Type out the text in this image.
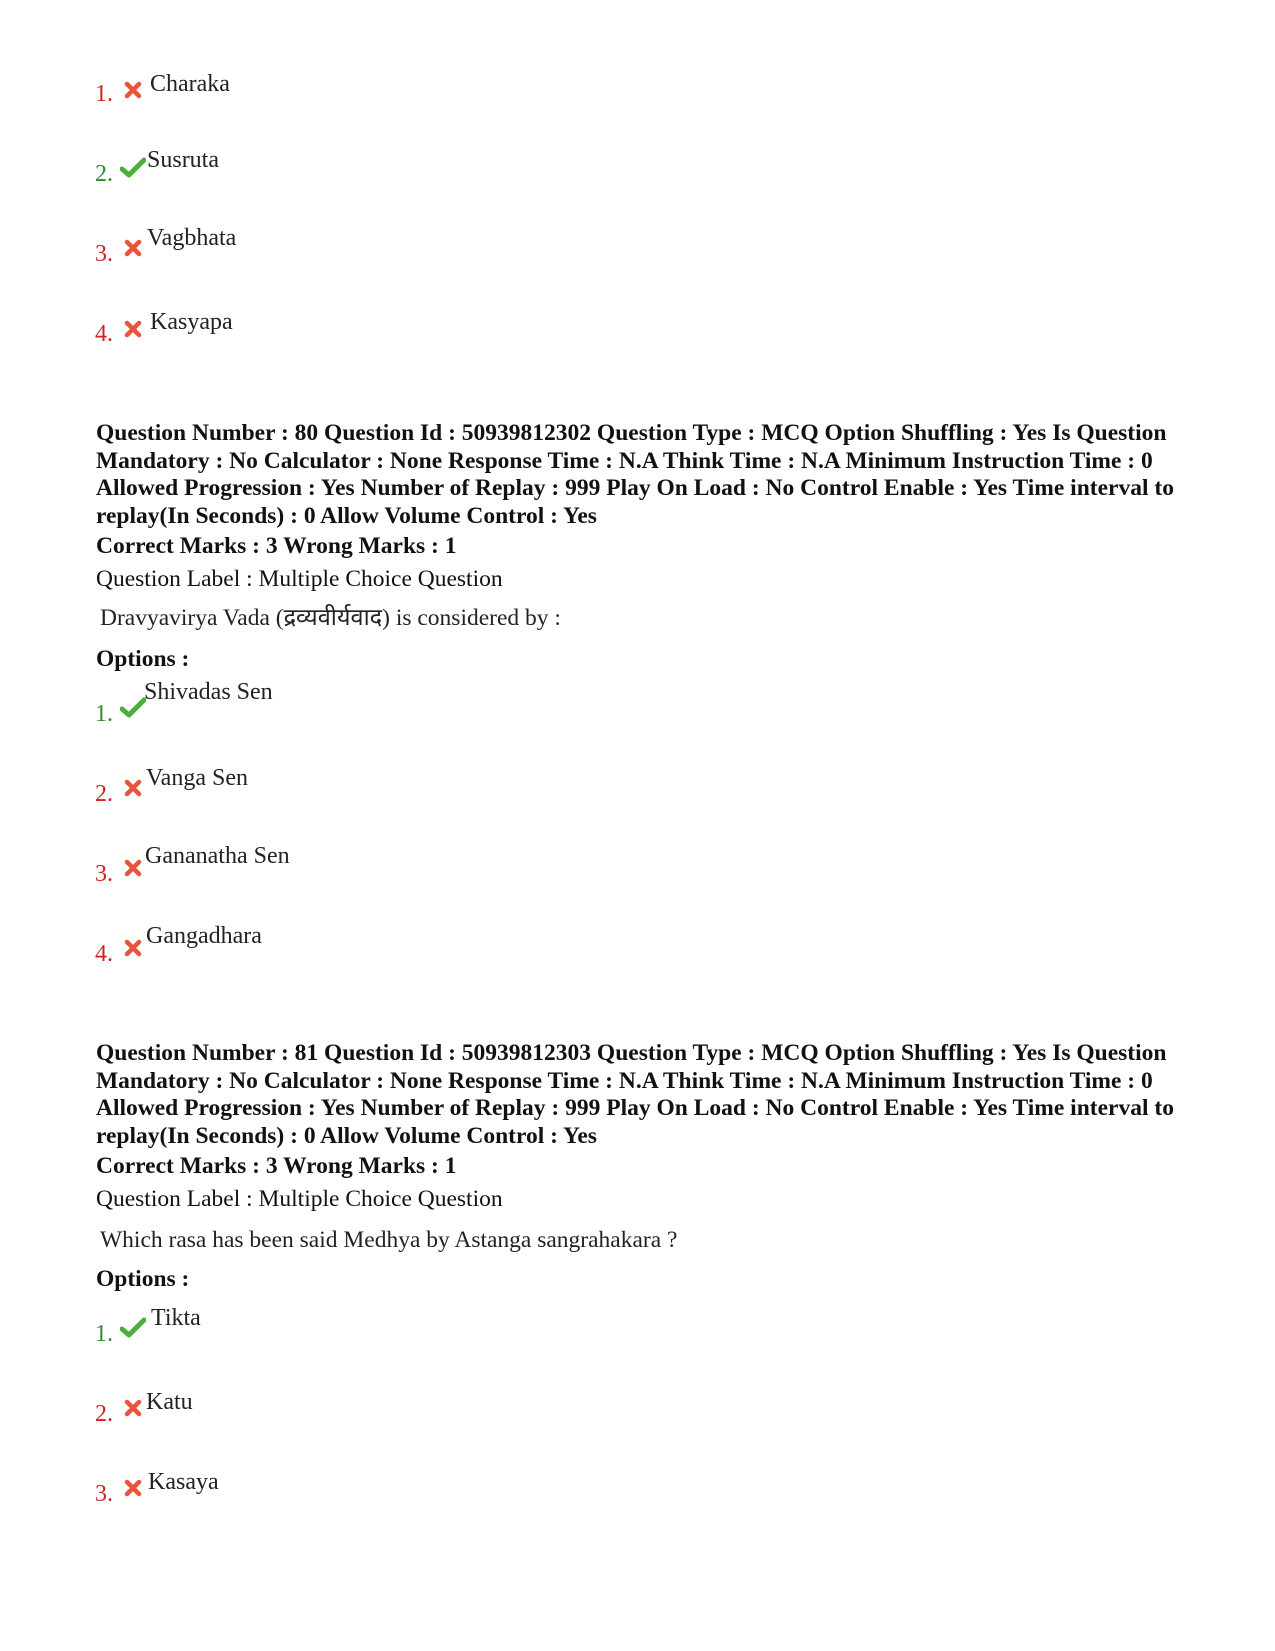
1. Charaka
2.
Susruta
3.
Vagbhata
4. Kasyapa
Question Number : 80 Question Id : 50939812302 Question Type : MCQ Option Shuffling : Yes Is Question Mandatory : No Calculator : None Response Time : N.A Think Time : N.A Minimum Instruction Time : 0 Allowed Progression : Yes Number of Replay : 999 Play On Load : No Control Enable : Yes Time interval to replay(In Seconds) : 0 Allow Volume Control : Yes
Correct Marks : 3 Wrong Marks : 1
Question Label : Multiple Choice Question
Dravyavirya Vada (द्रव्यवीर्यवाद) is considered by :
Options :
1.
Shivadas Sen
2.
Vanga Sen
3.
Gananatha Sen
4.
Gangadhara
Question Number : 81 Question Id : 50939812303 Question Type : MCQ Option Shuffling : Yes Is Question Mandatory : No Calculator : None Response Time : N.A Think Time : N.A Minimum Instruction Time : 0 Allowed Progression : Yes Number of Replay : 999 Play On Load : No Control Enable : Yes Time interval to replay(In Seconds) : 0 Allow Volume Control : Yes
Correct Marks : 3 Wrong Marks : 1
Question Label : Multiple Choice Question
Which rasa has been said Medhya by Astanga sangrahakara ?
Options :
1.
Tikta
2. Katu
3. Kasaya
